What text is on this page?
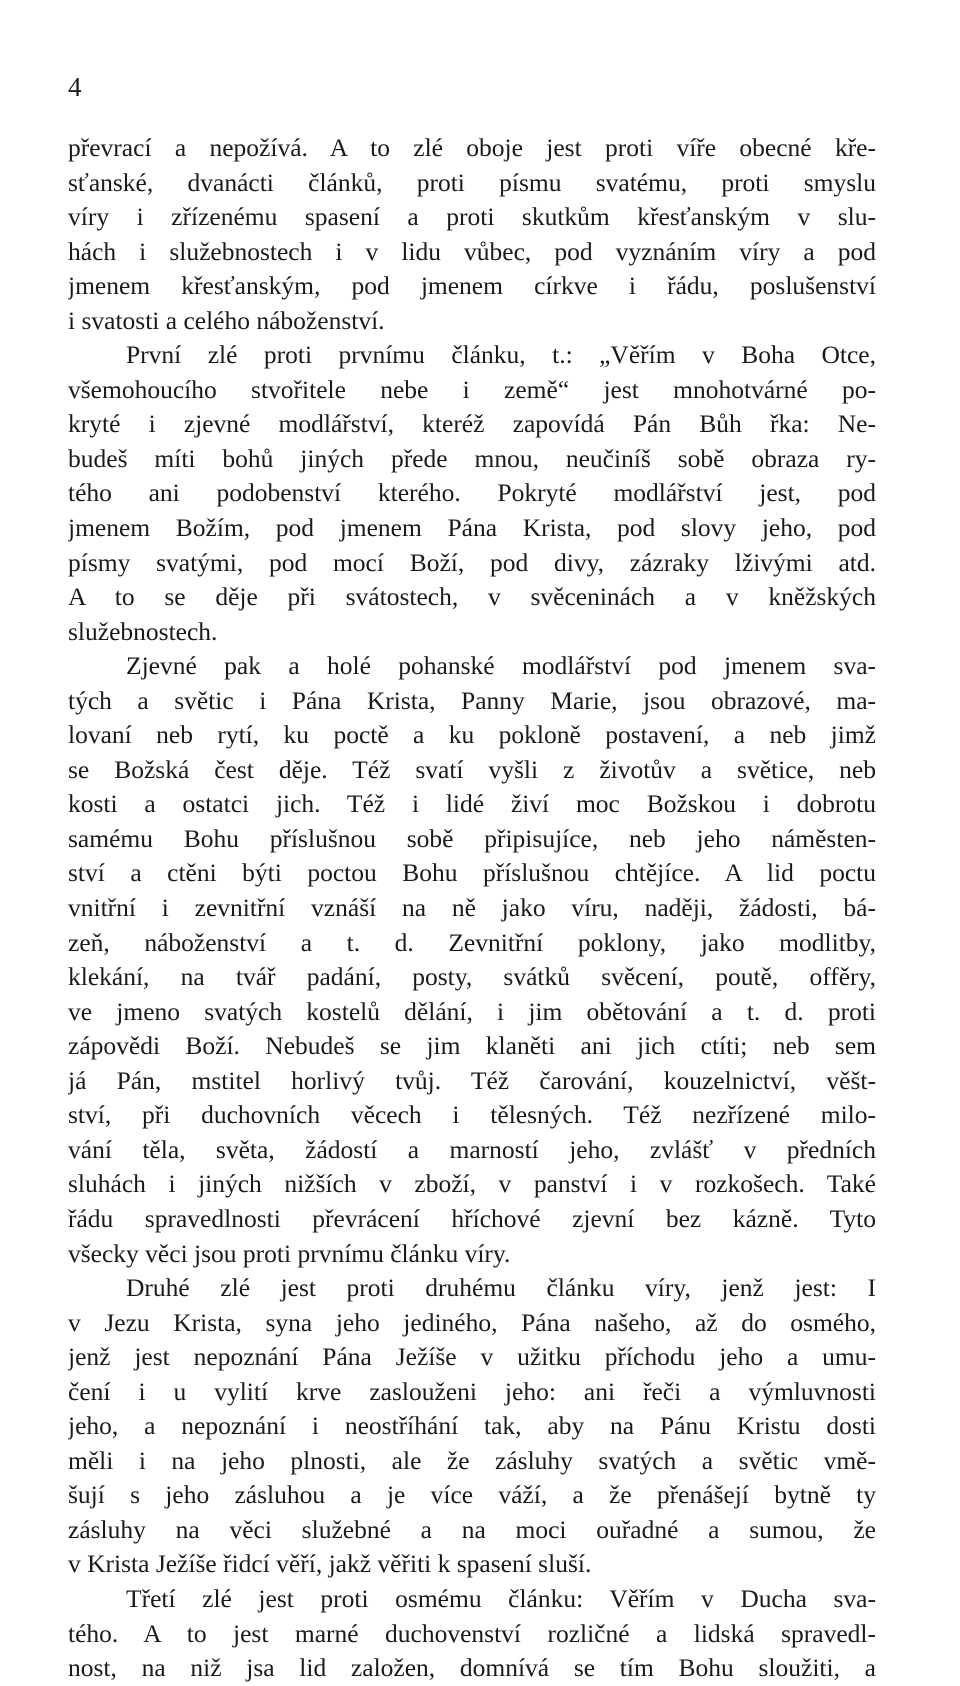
4
převrací a nepožívá. A to zlé oboje jest proti víře obecné kře-
sťanské, dvanácti článků, proti písmu svatému, proti smyslu
víry i zřízenému spasení a proti skutkům křesťanským v slu-
hách i služebnostech i v lidu vůbec, pod vyznáním víry a pod
jmenem křesťanským, pod jmenem církve i řádu, poslušenství
i svatosti a celého náboženství.
První zlé proti prvnímu článku, t.: „Věřím v Boha Otce,
všemohoucího stvořitele nebe i země“ jest mnohotvárné po-
kryté i zjevné modlářství, kteréž zapovídá Pán Bůh řka: Ne-
budeš míti bohů jiných přede mnou, neučiníš sobě obraza ry-
tého ani podobenství kterého. Pokryté modlářství jest, pod
jmenem Božím, pod jmenem Pána Krista, pod slovy jeho, pod
písmy svatými, pod mocí Boží, pod divy, zázraky lživými atd.
A to se děje při svátostech, v svěceninách a v kněžských
služebnostech.
Zjevné pak a holé pohanské modlářství pod jmenem sva-
tých a světic i Pána Krista, Panny Marie, jsou obrazové, ma-
lovaní neb rytí, ku poctě a ku pokloně postavení, a neb jimž
se Božská čest děje. Též svatí vyšli z životův a světice, neb
kosti a ostatci jich. Též i lidé živí moc Božskou i dobrotu
samému Bohu příslušnou sobě připisujíce, neb jeho náměsten-
ství a ctěni býti poctou Bohu příslušnou chtějíce. A lid poctu
vnitřní i zevnitřní vznáší na ně jako víru, naději, žádosti, bá-
zeň, náboženství a t. d. Zevnitřní poklony, jako modlitby,
klekání, na tvář padání, posty, svátků svěcení, poutě, offěry,
ve jmeno svatých kostelů dělání, i jim obětování a t. d. proti
zápovědi Boží. Nebudeš se jim klaněti ani jich ctíti; neb sem
já Pán, mstitel horlivý tvůj. Též čarování, kouzelnictví, věšt-
ství, při duchovních věcech i tělesných. Též nezřízené milo-
vání těla, světa, žádostí a marností jeho, zvlášť v předních
sluhách i jiných nižších v zboží, v panství i v rozkošech. Také
řádu spravedlnosti převrácení hříchové zjevní bez kázně. Tyto
všecky věci jsou proti prvnímu článku víry.
Druhé zlé jest proti druhému článku víry, jenž jest: I
v Jezu Krista, syna jeho jediného, Pána našeho, až do osmého,
jenž jest nepoznání Pána Ježíše v užitku příchodu jeho a umu-
čení i u vylití krve zaslouženi jeho: ani řeči a výmluvnosti
jeho, a nepoznání i neostříhání tak, aby na Pánu Kristu dosti
měli i na jeho plnosti, ale že zásluhy svatých a světic vmě-
šují s jeho zásluhou a je více váží, a že přenášejí bytně ty
zásluhy na věci služebné a na moci ouřadné a sumou, že
v Krista Ježíše řidcí věří, jakž věřiti k spasení sluší.
Třetí zlé jest proti osmému článku: Věřím v Ducha sva-
tého. A to jest marné duchovenství rozličné a lidská spravedl-
nost, na niž jsa lid založen, domnívá se tím Bohu sloužiti, a
